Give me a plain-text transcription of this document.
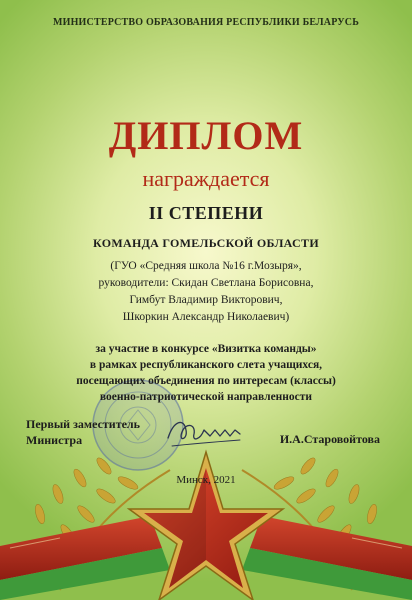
МИНИСТЕРСТВО ОБРАЗОВАНИЯ РЕСПУБЛИКИ БЕЛАРУСЬ

ДИПЛОМ

награждается

II СТЕПЕНИ

КОМАНДА ГОМЕЛЬСКОЙ ОБЛАСТИ

(ГУО «Средняя школа №16 г.Мозыря»,
руководители: Скидан Светлана Борисовна,
Гимбут Владимир Викторович,
Шкоркин Александр Николаевич)
за участие в конкурсе «Визитка команды»
в рамках республиканского слета учащихся,
посещающих объединения по интересам (классы)
военно-патриотической направленности
Первый заместитель
Министра	И.А.Старовойтова

Минск, 2021
